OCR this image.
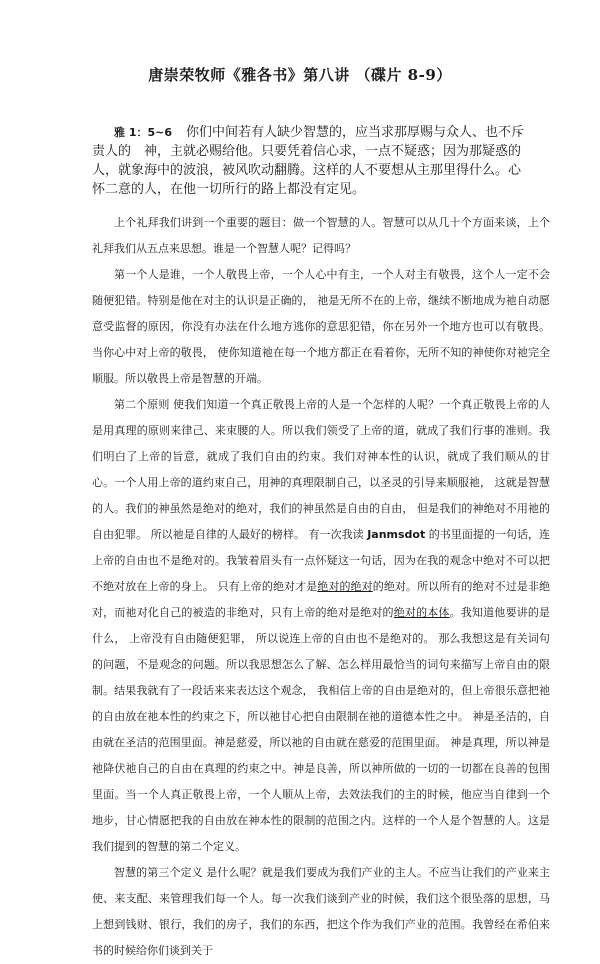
唐崇荣牧师《雅各书》第八讲 （碟片 8-9）
雅 1：5~6 你们中间若有人缺少智慧的，应当求那厚赐与众人、也不斥责人的　神，主就必赐给他。只要凭着信心求，一点不疑惑；因为那疑惑的人，就象海中的波浪，被风吹动翻腾。这样的人不要想从主那里得什么。心怀二意的人，在他一切所行的路上都没有定见。

上个礼拜我们讲到一个重要的题目：做一个智慧的人。智慧可以从几十个方面来谈，上个礼拜我们从五点来思想。谁是一个智慧人呢？记得吗？

第一个人是谁，一个人敬畏上帝，一个人心中有主，一个人对主有敬畏，这个人一定不会随便犯错。特别是他在对主的认识是正确的， 祂是无所不在的上帝，继续不断地成为祂自动愿意受监督的原因，你没有办法在什么地方逃你的意思犯错，你在另外一个地方也可以有敬畏。当你心中对上帝的敬畏， 使你知道祂在每一个地方都正在看着你，无所不知的神使你对祂完全顺服。所以敬畏上帝是智慧的开端。

第二个原则 使我们知道一个真正敬畏上帝的人是一个怎样的人呢？一个真正敬畏上帝的人是用真理的原则来律己、来束腰的人。所以我们领受了上帝的道，就成了我们行事的准则。我们明白了上帝的旨意，就成了我们自由的约束。我们对神本性的认识，就成了我们顺从的甘心。一个人用上帝的道约束自己，用神的真理限制自己，以圣灵的引导来顺服祂， 这就是智慧的人。我们的神虽然是绝对的绝对，我们的神虽然是自由的自由， 但是我们的神绝对不用祂的自由犯罪。 所以祂是自律的人最好的榜样。 有一次我读 Janmsdot 的书里面提的一句话，连上帝的自由也不是绝对的。我皱着眉头有一点怀疑这一句话，因为在我的观念中绝对不可以把不绝对放在上帝的身上。 只有上帝的绝对才是绝对的绝对的绝对。所以所有的绝对不过是非绝对，而祂对化自己的被造的非绝对，只有上帝的绝对是绝对的绝对的本体。我知道他要讲的是什么， 上帝没有自由随便犯罪， 所以说连上帝的自由也不是绝对的。 那么我想这是有关词句的问题，不是观念的问题。所以我思想怎么了解、怎么样用最恰当的词句来描写上帝自由的限制。结果我就有了一段话来来表达这个观念， 我相信上帝的自由是绝对的，但上帝很乐意把祂的自由放在祂本性的约束之下，所以祂甘心把自由限制在祂的道德本性之中。 神是圣洁的，自由就在圣洁的范围里面。神是慈爱，所以祂的自由就在慈爱的范围里面。 神是真理，所以神是祂降伏祂自己的自由在真理的约束之中。神是良善，所以神所做的一切的一切都在良善的包围里面。当一个人真正敬畏上帝，一个人顺从上帝，去效法我们的主的时候，他应当自律到一个地步，甘心情愿把我的自由放在神本性的限制的范围之内。这样的一个人是个智慧的人。这是我们提到的智慧的第二个定义。

智慧的第三个定义 是什么呢？就是我们要成为我们产业的主人。不应当让我们的产业来主使、来支配、来管理我们每一个人。每一次我们谈到产业的时候，我们这个很坠落的思想，马上想到钱财、银行，我们的房子，我们的东西，把这个作为我们产业的范围。我曾经在希伯来书的时候给你们谈到关于
